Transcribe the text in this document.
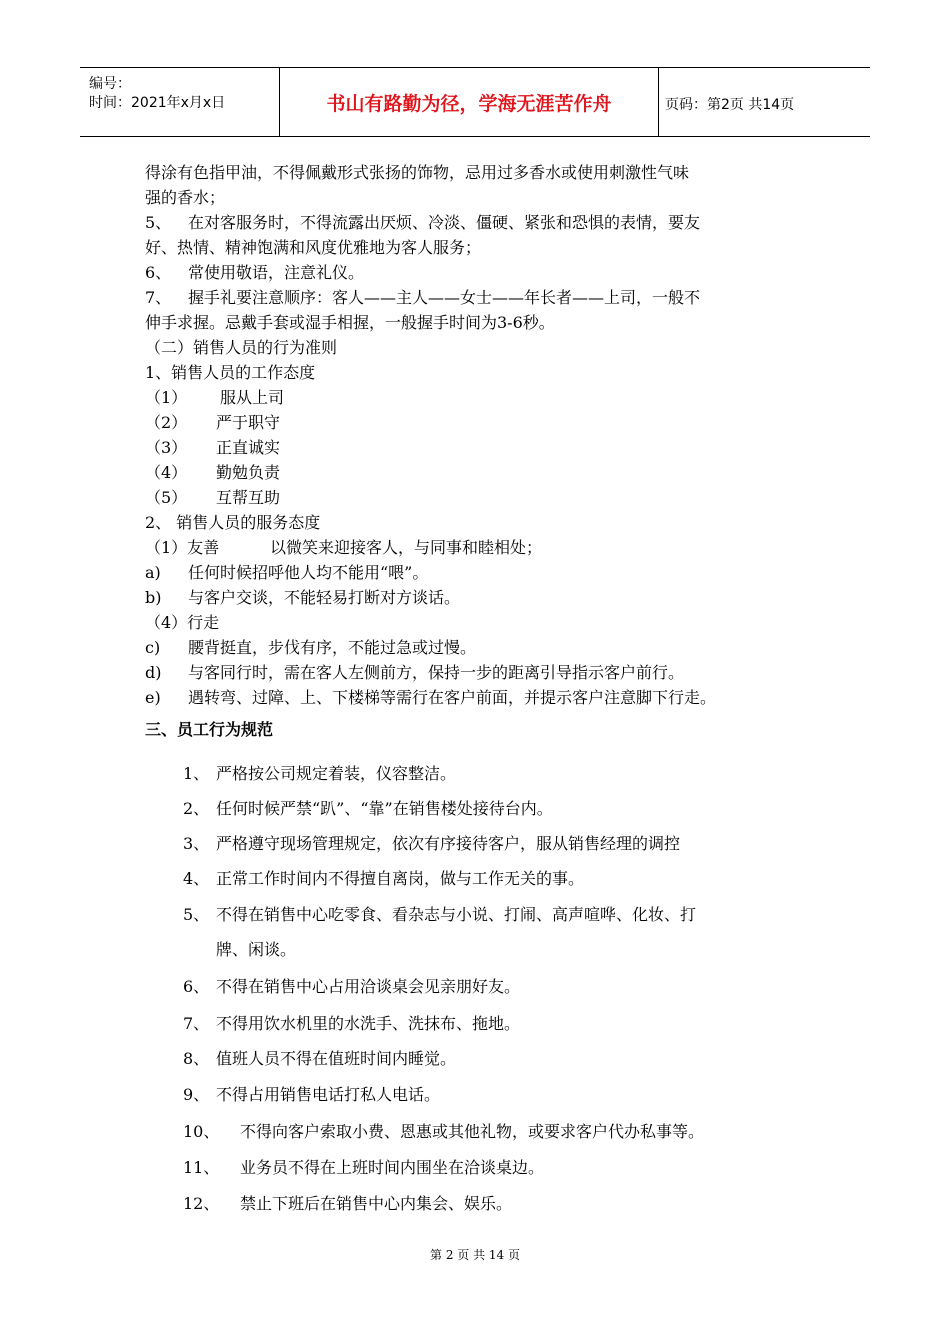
编号：
时间：2021年x月x日	书山有路勤为径，学海无涯苦作舟	页码：第2页 共14页
得涂有色指甲油，不得佩戴形式张扬的饰物，忌用过多香水或使用刺激性气味
强的香水；
5、 在对客服务时，不得流露出厌烦、冷淡、僵硬、紧张和恐惧的表情，要友
好、热情、精神饱满和风度优雅地为客人服务；
6、 常使用敬语，注意礼仪。
7、 握手礼要注意顺序：客人——主人——女士——年长者——上司，一般不
伸手求握。忌戴手套或湿手相握，一般握手时间为3-6秒。
（二）销售人员的行为准则
1、销售人员的工作态度
（1） 服从上司
（2） 严于职守
（3） 正直诚实
（4） 勤勉负责
（5） 互帮互助
2、 销售人员的服务态度
（1）友善	以微笑来迎接客人，与同事和睦相处；
a) 任何时候招呼他人均不能用“喂”。
b) 与客户交谈，不能轻易打断对方谈话。
（4）行走
c) 腰背挺直，步伐有序，不能过急或过慢。
d) 与客同行时，需在客人左侧前方，保持一步的距离引导指示客户前行。
e) 遇转弯、过障、上、下楼梯等需行在客户前面，并提示客户注意脚下行走。
三、员工行为规范
1、 严格按公司规定着装，仪容整洁。
2、 任何时候严禁“趴”、“靠”在销售楼处接待台内。
3、 严格遵守现场管理规定，依次有序接待客户，服从销售经理的调控
4、 正常工作时间内不得擅自离岗，做与工作无关的事。
5、 不得在销售中心吃零食、看杂志与小说、打闹、高声喧哗、化妆、打
牌、闲谈。
6、 不得在销售中心占用洽谈桌会见亲朋好友。
7、 不得用饮水机里的水洗手、洗抹布、拖地。
8、 值班人员不得在值班时间内睡觉。
9、 不得占用销售电话打私人电话。
10、 不得向客户索取小费、恩惠或其他礼物，或要求客户代办私事等。
11、 业务员不得在上班时间内围坐在洽谈桌边。
12、 禁止下班后在销售中心内集会、娱乐。
第 2 页 共 14 页
